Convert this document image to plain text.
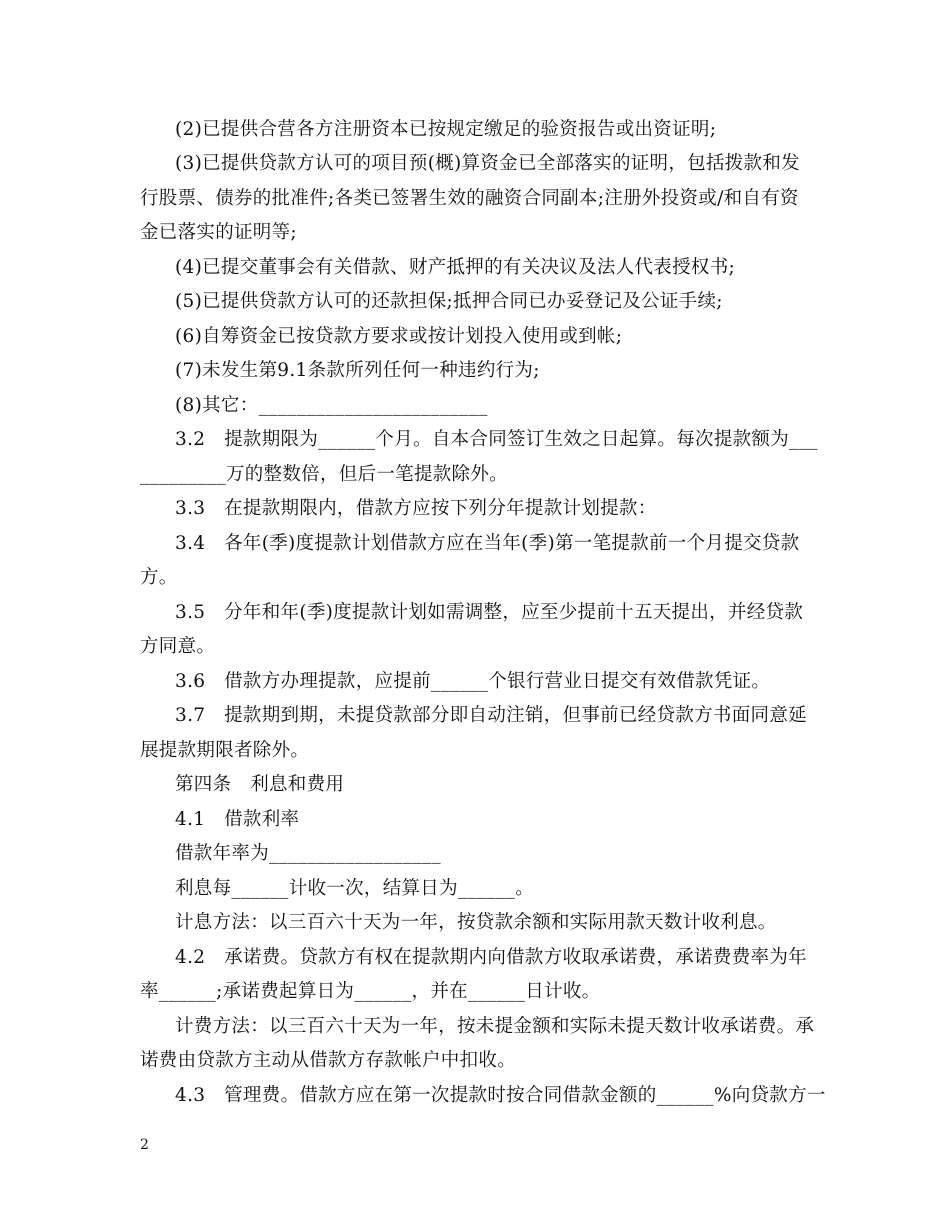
(2)已提供合营各方注册资本已按规定缴足的验资报告或出资证明;
(3)已提供贷款方认可的项目预(概)算资金已全部落实的证明，包括拨款和发
行股票、债券的批准件;各类已签署生效的融资合同副本;注册外投资或/和自有资
金已落实的证明等;
(4)已提交董事会有关借款、财产抵押的有关决议及法人代表授权书;
(5)已提供贷款方认可的还款担保;抵押合同已办妥登记及公证手续;
(6)自筹资金已按贷款方要求或按计划投入使用或到帐;
(7)未发生第9.1条款所列任何一种违约行为;
(8)其它：________________________
3.2　提款期限为______个月。自本合同签订生效之日起算。每次提款额为___
_________万的整数倍，但后一笔提款除外。
3.3　在提款期限内，借款方应按下列分年提款计划提款：
3.4　各年(季)度提款计划借款方应在当年(季)第一笔提款前一个月提交贷款
方。
3.5　分年和年(季)度提款计划如需调整，应至少提前十五天提出，并经贷款
方同意。
3.6　借款方办理提款，应提前______个银行营业日提交有效借款凭证。
3.7　提款期到期，未提贷款部分即自动注销，但事前已经贷款方书面同意延
展提款期限者除外。
第四条　利息和费用
4.1　借款利率
借款年率为__________________
利息每______计收一次，结算日为______。
计息方法：以三百六十天为一年，按贷款余额和实际用款天数计收利息。
4.2　承诺费。贷款方有权在提款期内向借款方收取承诺费，承诺费费率为年
率______;承诺费起算日为______，并在______日计收。
计费方法：以三百六十天为一年，按未提金额和实际未提天数计收承诺费。承
诺费由贷款方主动从借款方存款帐户中扣收。
4.3　管理费。借款方应在第一次提款时按合同借款金额的______%向贷款方一
2
